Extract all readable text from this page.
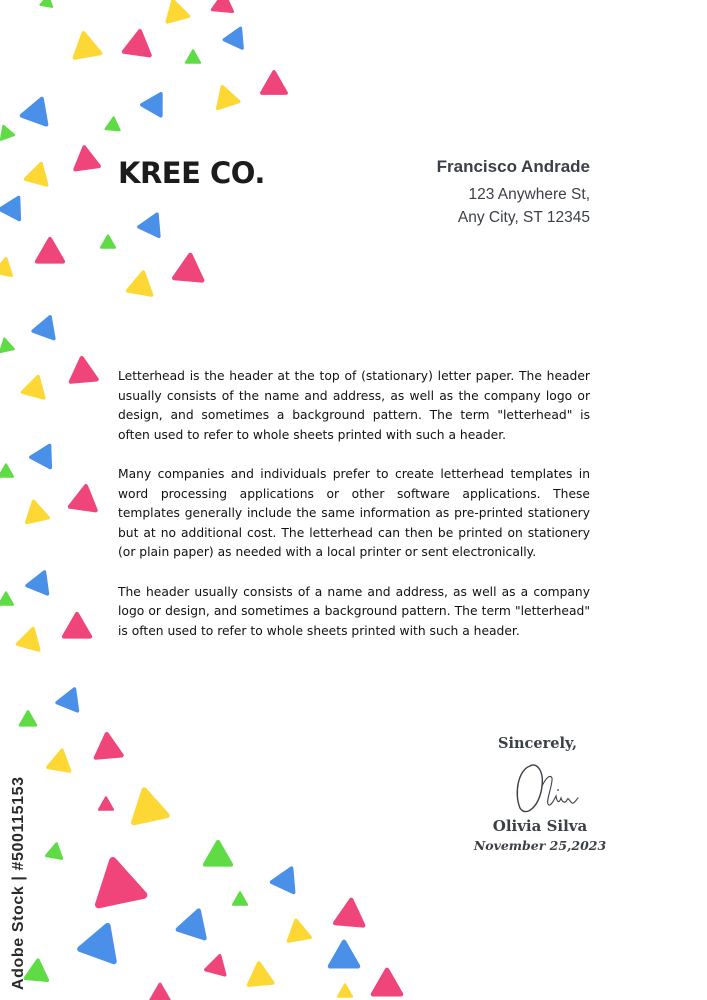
KREE CO.	Francisco Andrade
123 Anywhere St,
Any City, ST 12345

Letterhead is the header at the top of (stationary) letter paper. The header usually consists of the name and address, as well as the company logo or design, and sometimes a background pattern. The term "letterhead" is often used to refer to whole sheets printed with such a header.

Many companies and individuals prefer to create letterhead templates in word processing applications or other software applications. These templates generally include the same information as pre-printed stationery but at no additional cost. The letterhead can then be printed on stationery (or plain paper) as needed with a local printer or sent electronically.

The header usually consists of a name and address, as well as a company logo or design, and sometimes a background pattern. The term "letterhead" is often used to refer to whole sheets printed with such a header.

Sincerely,
Olivia Silva
November 25,2023
Adobe Stock | #500115153
